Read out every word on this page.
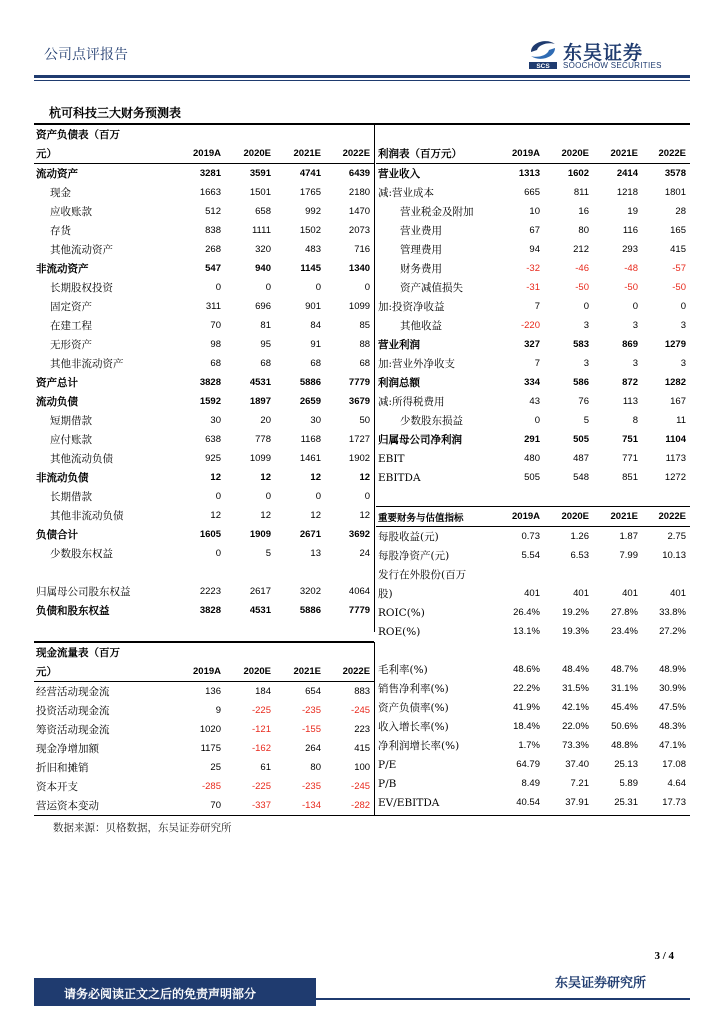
公司点评报告
SCS
东吴证券
SOOCHOW SECURITIES
杭可科技三大财务预测表
资产负债表（百万				
元）	2019A	2020E	2021E	2022E
流动资产	3281	3591	4741	6439
现金	1663	1501	1765	2180
应收账款	512	658	992	1470
存货	838	1111	1502	2073
其他流动资产	268	320	483	716
非流动资产	547	940	1145	1340
长期股权投资	0	0	0	0
固定资产	311	696	901	1099
在建工程	70	81	84	85
无形资产	98	95	91	88
其他非流动资产	68	68	68	68
资产总计	3828	4531	5886	7779
流动负债	1592	1897	2659	3679
短期借款	30	20	30	50
应付账款	638	778	1168	1727
其他流动负债	925	1099	1461	1902
非流动负债	12	12	12	12
长期借款	0	0	0	0
其他非流动负债	12	12	12	12
负债合计	1605	1909	2671	3692
少数股东权益	0	5	13	24

归属母公司股东权益	2223	2617	3202	4064
负债和股东权益	3828	4531	5886	7779
利润表（百万元）	2019A	2020E	2021E	2022E
营业收入	1313	1602	2414	3578
减:营业成本	665	811	1218	1801
营业税金及附加	10	16	19	28
营业费用	67	80	116	165
管理费用	94	212	293	415
财务费用	-32	-46	-48	-57
资产减值损失	-31	-50	-50	-50
加:投资净收益	7	0	0	0
其他收益	-220	3	3	3
营业利润	327	583	869	1279
加:营业外净收支	7	3	3	3
利润总额	334	586	872	1282
减:所得税费用	43	76	113	167
少数股东损益	0	5	8	11
归属母公司净利润	291	505	751	1104
EBIT	480	487	771	1173
EBITDA	505	548	851	1272
重要财务与估值指标	2019A	2020E	2021E	2022E
每股收益(元)	0.73	1.26	1.87	2.75
每股净资产(元)	5.54	6.53	7.99	10.13
发行在外股份(百万				
股)	401	401	401	401
ROIC(%)	26.4%	19.2%	27.8%	33.8%
ROE(%)	13.1%	19.3%	23.4%	27.2%

毛利率(%)	48.6%	48.4%	48.7%	48.9%
销售净利率(%)	22.2%	31.5%	31.1%	30.9%
资产负债率(%)	41.9%	42.1%	45.4%	47.5%
收入增长率(%)	18.4%	22.0%	50.6%	48.3%
净利润增长率(%)	1.7%	73.3%	48.8%	47.1%
P/E	64.79	37.40	25.13	17.08
P/B	8.49	7.21	5.89	4.64
EV/EBITDA	40.54	37.91	25.31	17.73
现金流量表（百万				
元）	2019A	2020E	2021E	2022E
经营活动现金流	136	184	654	883
投资活动现金流	9	-225	-235	-245
筹资活动现金流	1020	-121	-155	223
现金净增加额	1175	-162	264	415
折旧和摊销	25	61	80	100
资本开支	-285	-225	-235	-245
营运资本变动	70	-337	-134	-282
数据来源：贝格数据，东吴证券研究所
3 / 4
请务必阅读正文之后的免责声明部分
东吴证券研究所
